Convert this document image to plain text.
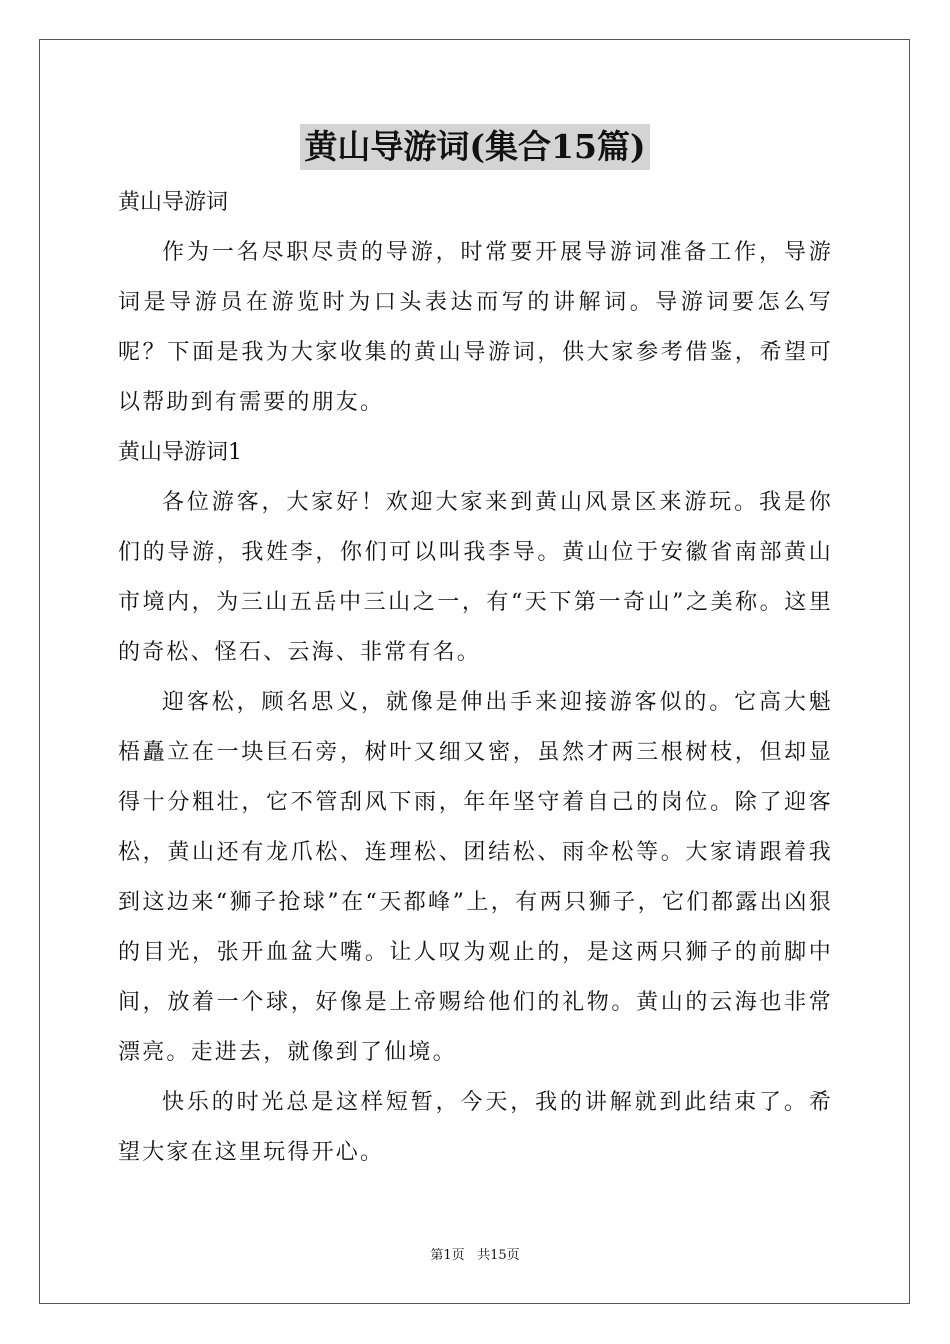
黄山导游词(集合15篇)

黄山导游词

作为一名尽职尽责的导游，时常要开展导游词准备工作，导游词是导游员在游览时为口头表达而写的讲解词。导游词要怎么写呢？下面是我为大家收集的黄山导游词，供大家参考借鉴，希望可以帮助到有需要的朋友。

黄山导游词1

各位游客，大家好！欢迎大家来到黄山风景区来游玩。我是你们的导游，我姓李，你们可以叫我李导。黄山位于安徽省南部黄山市境内，为三山五岳中三山之一，有“天下第一奇山”之美称。这里的奇松、怪石、云海、非常有名。

迎客松，顾名思义，就像是伸出手来迎接游客似的。它高大魁梧矗立在一块巨石旁，树叶又细又密，虽然才两三根树枝，但却显得十分粗壮，它不管刮风下雨，年年坚守着自己的岗位。除了迎客松，黄山还有龙爪松、连理松、团结松、雨伞松等。大家请跟着我到这边来“狮子抢球”在“天都峰”上，有两只狮子，它们都露出凶狠的目光，张开血盆大嘴。让人叹为观止的，是这两只狮子的前脚中间，放着一个球，好像是上帝赐给他们的礼物。黄山的云海也非常漂亮。走进去，就像到了仙境。

快乐的时光总是这样短暂，今天，我的讲解就到此结束了。希望大家在这里玩得开心。

第1页 共15页
